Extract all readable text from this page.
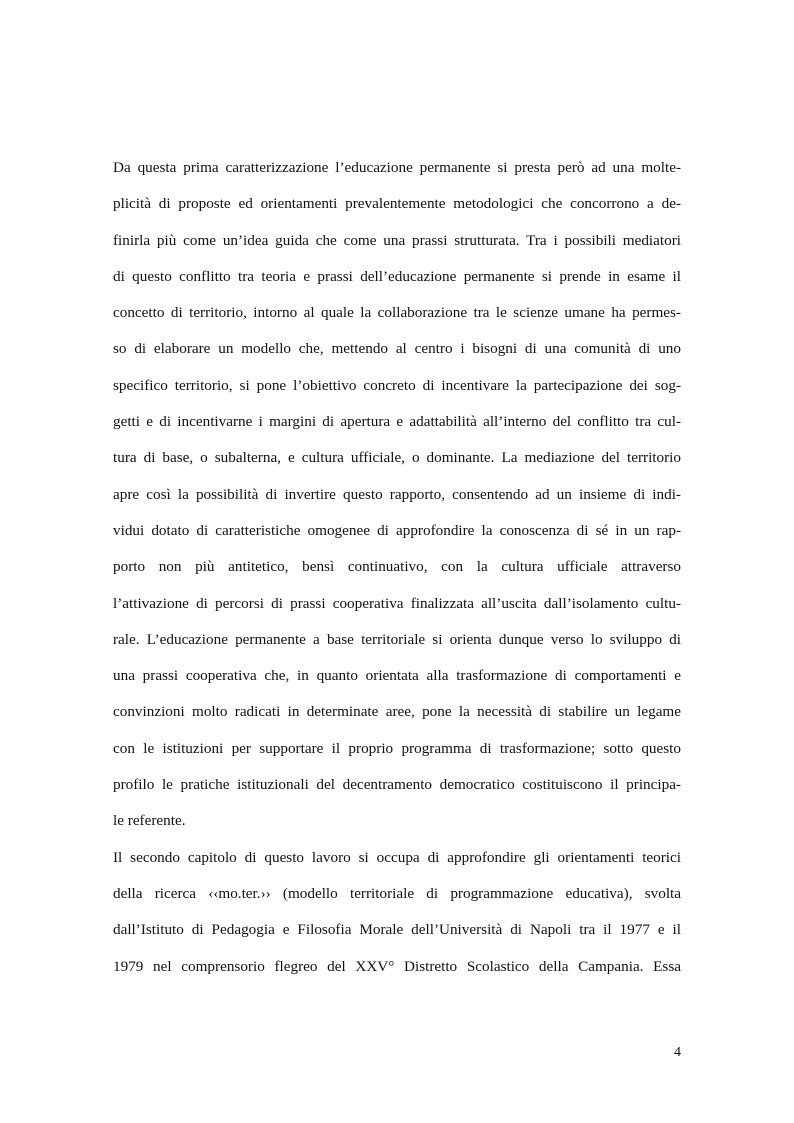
Da questa prima caratterizzazione l’educazione permanente si presta però ad una molte-
plicità di proposte ed orientamenti prevalentemente metodologici che concorrono a de-
finirla più come un’idea guida che come una prassi strutturata. Tra i possibili mediatori
di questo conflitto tra teoria e prassi dell’educazione permanente si prende in esame il
concetto di territorio, intorno al quale la collaborazione tra le scienze umane ha permes-
so di elaborare un modello che, mettendo al centro i bisogni di una comunità di uno
specifico territorio, si pone l’obiettivo concreto di incentivare la partecipazione dei sog-
getti e di incentivarne i margini di apertura e adattabilità all’interno del conflitto tra cul-
tura di base, o subalterna, e cultura ufficiale, o dominante. La mediazione del territorio
apre così la possibilità di invertire questo rapporto, consentendo ad un insieme di indi-
vidui dotato di caratteristiche omogenee di approfondire la conoscenza di sé in un rap-
porto non più antitetico, bensì continuativo, con la cultura ufficiale attraverso
l’attivazione di percorsi di prassi cooperativa finalizzata all’uscita dall’isolamento cultu-
rale. L’educazione permanente a base territoriale si orienta dunque verso lo sviluppo di
una prassi cooperativa che, in quanto orientata alla trasformazione di comportamenti e
convinzioni molto radicati in determinate aree, pone la necessità di stabilire un legame
con le istituzioni per supportare il proprio programma di trasformazione; sotto questo
profilo le pratiche istituzionali del decentramento democratico costituiscono il principa-
le referente.
Il secondo capitolo di questo lavoro si occupa di approfondire gli orientamenti teorici
della ricerca ‹‹mo.ter.›› (modello territoriale di programmazione educativa), svolta
dall’Istituto di Pedagogia e Filosofia Morale dell’Università di Napoli tra il 1977 e il
1979 nel comprensorio flegreo del XXV° Distretto Scolastico della Campania. Essa
4
